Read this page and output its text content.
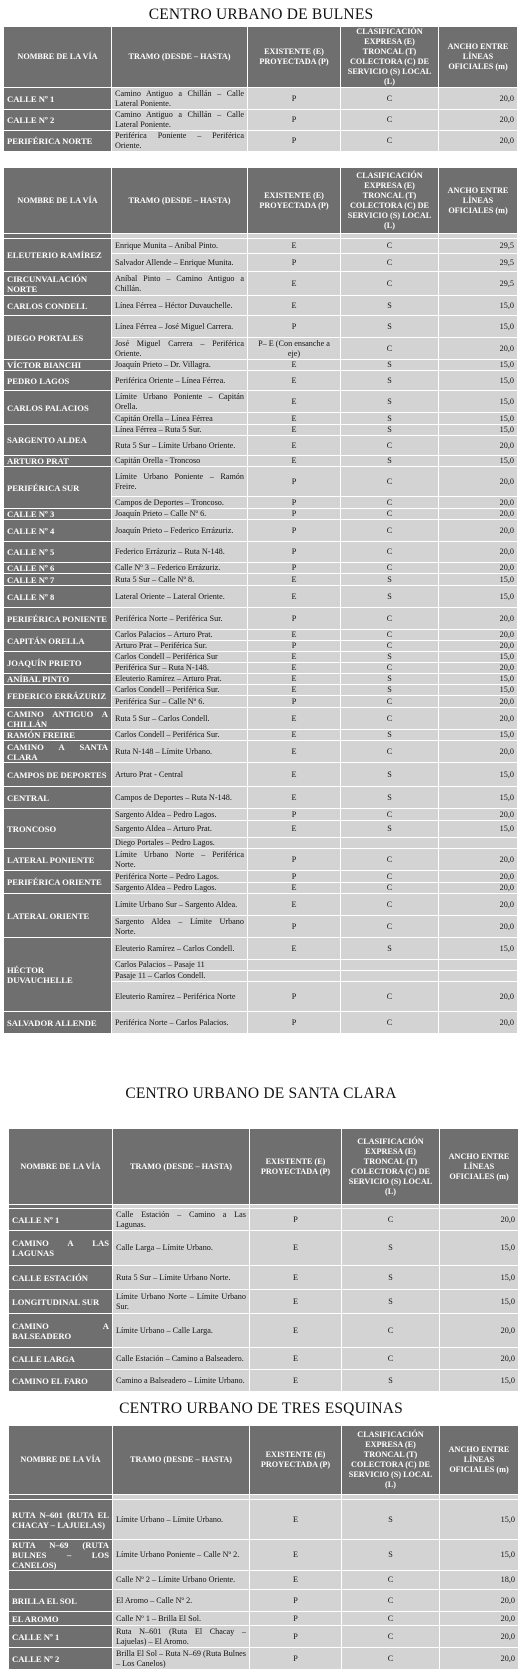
CENTRO URBANO DE BULNES
NOMBRE DE LA VÍA	TRAMO (DESDE – HASTA)	EXISTENTE (E) PROYECTADA (P)	CLASIFICACIÓN EXPRESA (E) TRONCAL (T) COLECTORA (C) DE SERVICIO (S) LOCAL (L)	ANCHO ENTRE LÍNEAS OFICIALES (m)
CALLE Nº 1	Camino Antiguo a Chillán – Calle Lateral Poniente.	P	C	20,0
CALLE Nº 2	Camino Antiguo a Chillán – Calle Lateral Poniente.	P	C	20,0
PERIFÉRICA NORTE	Periférica Poniente – Periférica Oriente.	P	C	20,0
NOMBRE DE LA VÍA	TRAMO (DESDE – HASTA)	EXISTENTE (E) PROYECTADA (P)	CLASIFICACIÓN EXPRESA (E) TRONCAL (T) COLECTORA (C) DE SERVICIO (S) LOCAL (L)	ANCHO ENTRE LÍNEAS OFICIALES (m)

ELEUTERIO RAMÍREZ	Enrique Munita – Aníbal Pinto.	E	C	29,5
	Salvador Allende – Enrique Munita.	P	C	29,5
CIRCUNVALACIÓN NORTE	Aníbal Pinto – Camino Antiguo a Chillán.	E	C	29,5
CARLOS CONDELL	Línea Férrea – Héctor Duvauchelle.	E	S	15,0
DIEGO PORTALES	Línea Férrea – José Miguel Carrera.	P	S	15,0
	José Miguel Carrera – Periférica Oriente.	P– E (Con ensanche a eje)	C	20,0
VÍCTOR BIANCHI	Joaquín Prieto – Dr. Villagra.	E	S	15,0
PEDRO LAGOS	Periférica Oriente – Línea Férrea.	E	S	15,0
CARLOS PALACIOS	Límite Urbano Poniente – Capitán Orella.	E	S	15,0
	Capitán Orella – Línea Férrea	E	S	15,0
SARGENTO ALDEA	Línea Férrea – Ruta 5 Sur.	E	S	15,0
	Ruta 5 Sur – Límite Urbano Oriente.	E	C	20,0
ARTURO PRAT	Capitán Orella - Troncoso	E	S	15,0
PERIFÉRICA SUR	Límite Urbano Poniente – Ramón Freire.	P	C	20,0
	Campos de Deportes – Troncoso.	P	C	20,0
CALLE Nº 3	Joaquín Prieto – Calle Nº 6.	P	C	20,0
CALLE Nº 4	Joaquín Prieto – Federico Errázuriz.	P	C	20,0
CALLE Nº 5	Federico Errázuriz – Ruta N-148.	P	C	20,0
CALLE Nº 6	Calle Nº 3 – Federico Errázuriz.	P	C	20,0
CALLE Nº 7	Ruta 5 Sur – Calle Nº 8.	E	S	15,0
CALLE Nº 8	Lateral Oriente – Lateral Oriente.	E	S	15,0
PERIFÉRICA PONIENTE	Periférica Norte – Periférica Sur.	P	C	20,0
CAPITÁN ORELLA	Carlos Palacios – Arturo Prat.	E	C	20,0
	Arturo Prat – Periférica Sur.	P	C	20,0
JOAQUÍN PRIETO	Carlos Condell – Periférica Sur	E	S	15,0
	Periférica Sur – Ruta N-148.	E	C	20,0
ANÍBAL PINTO	Eleuterio Ramírez – Arturo Prat.	E	S	15,0
FEDERICO ERRÁZURIZ	Carlos Condell – Periférica Sur.	E	S	15,0
	Periférica Sur – Calle Nº 6.	P	C	20,0
CAMINO ANTIGUO A CHILLÁN	Ruta 5 Sur – Carlos Condell.	E	C	20,0
RAMÓN FREIRE	Carlos Condell – Periférica Sur.	E	S	15,0
CAMINO A SANTA CLARA	Ruta N-148 – Límite Urbano.	E	C	20,0
CAMPOS DE DEPORTES	Arturo Prat - Central	E	S	15,0
CENTRAL	Campos de Deportes – Ruta N-148.	E	S	15,0
TRONCOSO	Sargento Aldea – Pedro Lagos.	P	C	20,0
	Sargento Aldea – Arturo Prat.	E	S	15,0
	Diego Portales – Pedro Lagos.			
LATERAL PONIENTE	Límite Urbano Norte – Periférica Norte.	P	C	20,0
PERIFÉRICA ORIENTE	Periférica Norte – Pedro Lagos.	P	C	20,0
	Sargento Aldea – Pedro Lagos.	E	C	20,0
LATERAL ORIENTE	Límite Urbano Sur – Sargento Aldea.	E	C	20,0
	Sargento Aldea – Límite Urbano Norte.	P	C	20,0
HÉCTOR DUVAUCHELLE	Eleuterio Ramírez – Carlos Condell.	E	S	15,0
	Carlos Palacios – Pasaje 11			
	Pasaje 11 – Carlos Condell.			
	Eleuterio Ramírez – Periférica Norte	P	C	20,0
SALVADOR ALLENDE	Periférica Norte – Carlos Palacios.	P	C	20,0
CENTRO URBANO DE SANTA CLARA
NOMBRE DE LA VÍA	TRAMO (DESDE – HASTA)	EXISTENTE (E) PROYECTADA (P)	CLASIFICACIÓN EXPRESA (E) TRONCAL (T) COLECTORA (C) DE SERVICIO (S) LOCAL (L)	ANCHO ENTRE LÍNEAS OFICIALES (m)

CALLE Nº 1	Calle Estación – Camino a Las Lagunas.	P	C	20,0
CAMINO A LAS LAGUNAS	Calle Larga – Límite Urbano.	E	S	15,0
CALLE ESTACIÓN	Ruta 5 Sur – Límite Urbano Norte.	E	S	15,0
LONGITUDINAL SUR	Límite Urbano Norte – Límite Urbano Sur.	E	S	15,0
CAMINO A BALSEADERO	Límite Urbano – Calle Larga.	E	C	20,0
CALLE LARGA	Calle Estación – Camino a Balseadero.	E	C	20,0
CAMINO EL FARO	Camino a Balseadero – Límite Urbano.	E	S	15,0
CENTRO URBANO DE TRES ESQUINAS
NOMBRE DE LA VÍA	TRAMO (DESDE – HASTA)	EXISTENTE (E) PROYECTADA (P)	CLASIFICACIÓN EXPRESA (E) TRONCAL (T) COLECTORA (C) DE SERVICIO (S) LOCAL (L)	ANCHO ENTRE LÍNEAS OFICIALES (m)

RUTA N–601 (RUTA EL CHACAY – LAJUELAS)	Límite Urbano – Límite Urbano.	E	S	15,0
RUTA N–69 (RUTA BULNES – LOS CANELOS)	Límite Urbano Poniente – Calle Nº 2.	E	S	15,0
	Calle Nº 2 – Límite Urbano Oriente.	E	C	18,0
BRILLA EL SOL	El Aromo – Calle Nº 2.	P	C	20,0
EL AROMO	Calle Nº 1 – Brilla El Sol.	P	C	20,0
CALLE Nº 1	Ruta N–601 (Ruta El Chacay – Lajuelas) – El Aromo.	P	C	20,0
CALLE Nº 2	Brilla El Sol – Ruta N–69 (Ruta Bulnes – Los Canelos)	P	C	20,0
